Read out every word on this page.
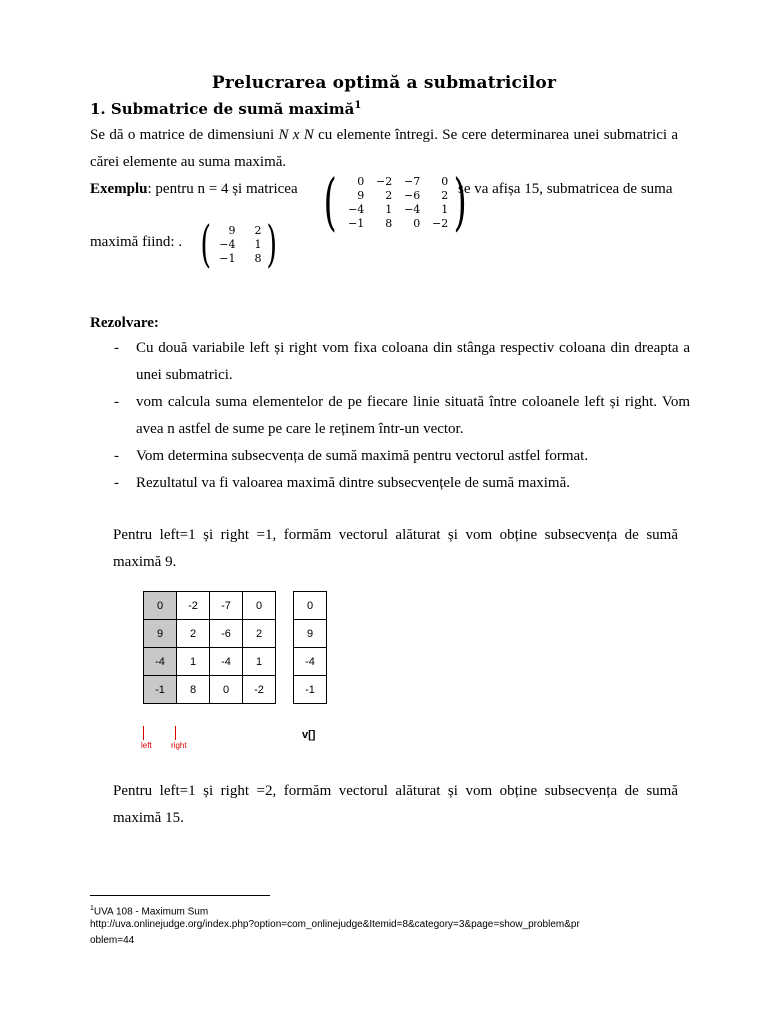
Prelucrarea optimă a submatricilor
1. Submatrice de sumă maximă$^1$
Se dă o matrice de dimensiuni N x N cu elemente întregi. Se cere determinarea unei submatrici a
cărei elemente au suma maximă.
Exemplu: pentru n = 4 și matricea (	0	−2	−7	0
9	2	−6	2
−4	1	−4	1
−1	8	0	−2 )
se va afișa 15, submatricea de suma
maximă fiind: . (	9	2
−4	1
−1	8 )
Rezolvare:
- Cu două variabile left și right vom fixa coloana din stânga respectiv coloana din dreapta a
unei submatrici.
- vom calcula suma elementelor de pe fiecare linie situată între coloanele left și right. Vom
avea n astfel de sume pe care le reținem într-un vector.
- Vom determina subsecvența de sumă maximă pentru vectorul astfel format.
- Rezultatul va fi valoarea maximă dintre subsecvențele de sumă maximă.
Pentru left=1 și right =1, formăm vectorul alăturat și vom obține subsecvența de sumă
maximă 9.
0	-2	-7	0
9	2	-6	2
-4	1	-4	1
-1	8	0	-2
0
9
-4
-1
v[]
left right
Pentru left=1 și right =2, formăm vectorul alăturat și vom obține subsecvența de sumă
maximă 15.
$^1$UVA 108 - Maximum Sum
http://uva.onlinejudge.org/index.php?option=com_onlinejudge&Itemid=8&category=3&page=show_problem&pr
oblem=44
